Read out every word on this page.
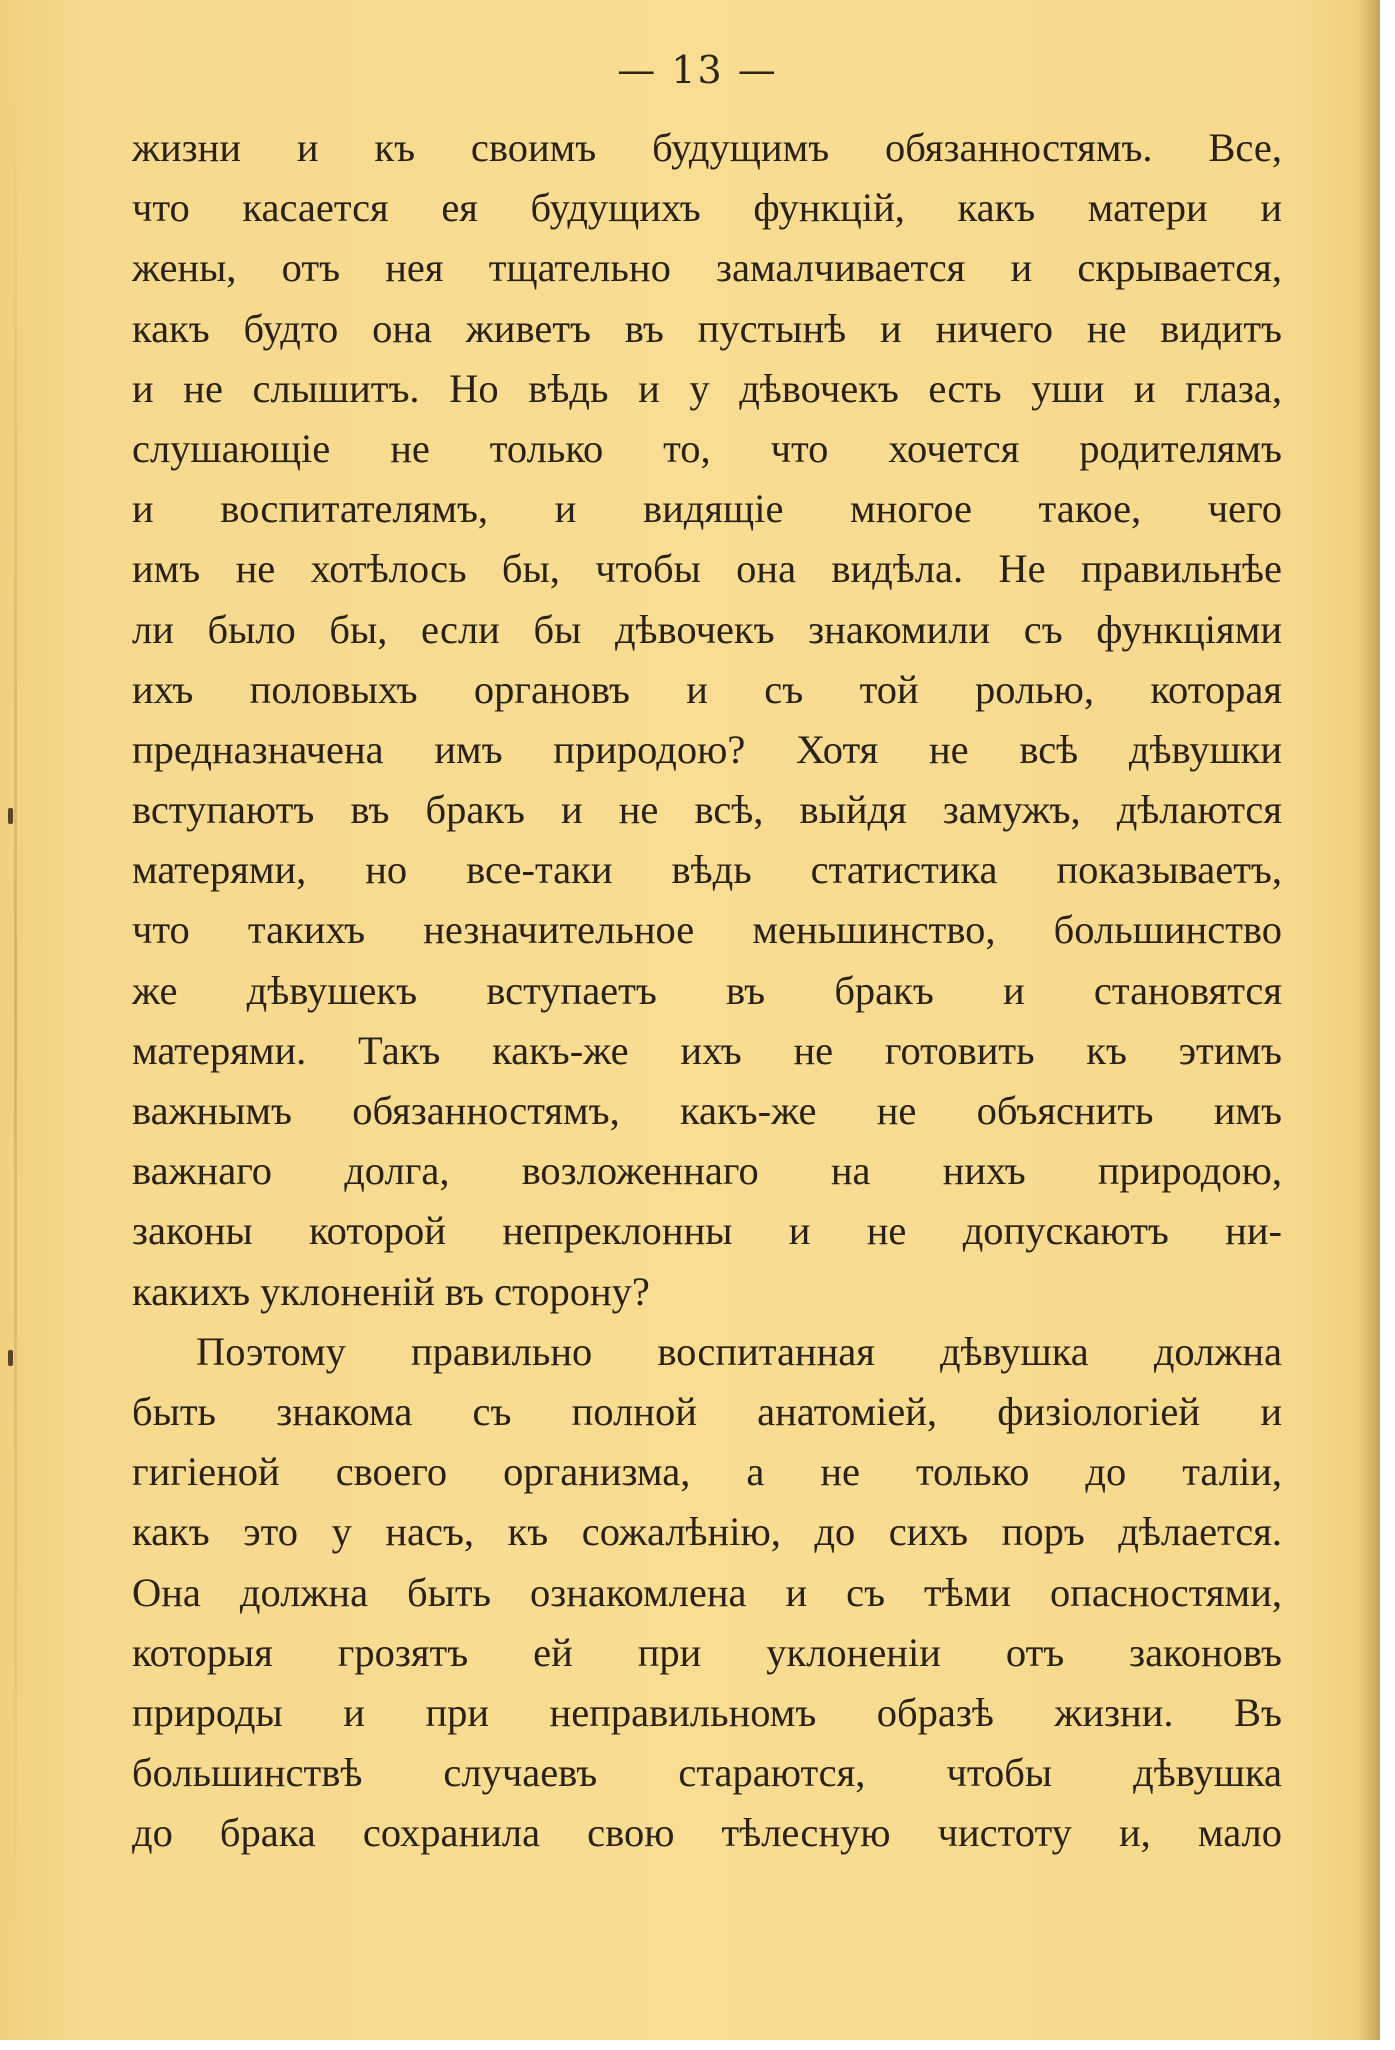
— 13 —
жизни и къ своимъ будущимъ обязанностямъ. Все,
что касается ея будущихъ функцій, какъ матери и
жены, отъ нея тщательно замалчивается и скрывается,
какъ будто она живетъ въ пустынѣ и ничего не видитъ
и не слышитъ. Но вѣдь и у дѣвочекъ есть уши и глаза,
слушающіе не только то, что хочется родителямъ
и воспитателямъ, и видящіе многое такое, чего
имъ не хотѣлось бы, чтобы она видѣла. Не правильнѣе
ли было бы, если бы дѣвочекъ знакомили съ функціями
ихъ половыхъ органовъ и съ той ролью, которая
предназначена имъ природою? Хотя не всѣ дѣвушки
вступаютъ въ бракъ и не всѣ, выйдя замужъ, дѣлаются
матерями, но все-таки вѣдь статистика показываетъ,
что такихъ незначительное меньшинство, большинство
же дѣвушекъ вступаетъ въ бракъ и становятся
матерями. Такъ какъ-же ихъ не готовить къ этимъ
важнымъ обязанностямъ, какъ-же не объяснить имъ
важнаго долга, возложеннаго на нихъ природою,
законы которой непреклонны и не допускаютъ ни-
какихъ уклоненій въ сторону?
Поэтому правильно воспитанная дѣвушка должна
быть знакома съ полной анатоміей, физіологіей и
гигіеной своего организма, а не только до таліи,
какъ это у насъ, къ сожалѣнію, до сихъ поръ дѣлается.
Она должна быть ознакомлена и съ тѣми опасностями,
которыя грозятъ ей при уклоненіи отъ законовъ
природы и при неправильномъ образѣ жизни. Въ
большинствѣ случаевъ стараются, чтобы дѣвушка
до брака сохранила свою тѣлесную чистоту и, мало
